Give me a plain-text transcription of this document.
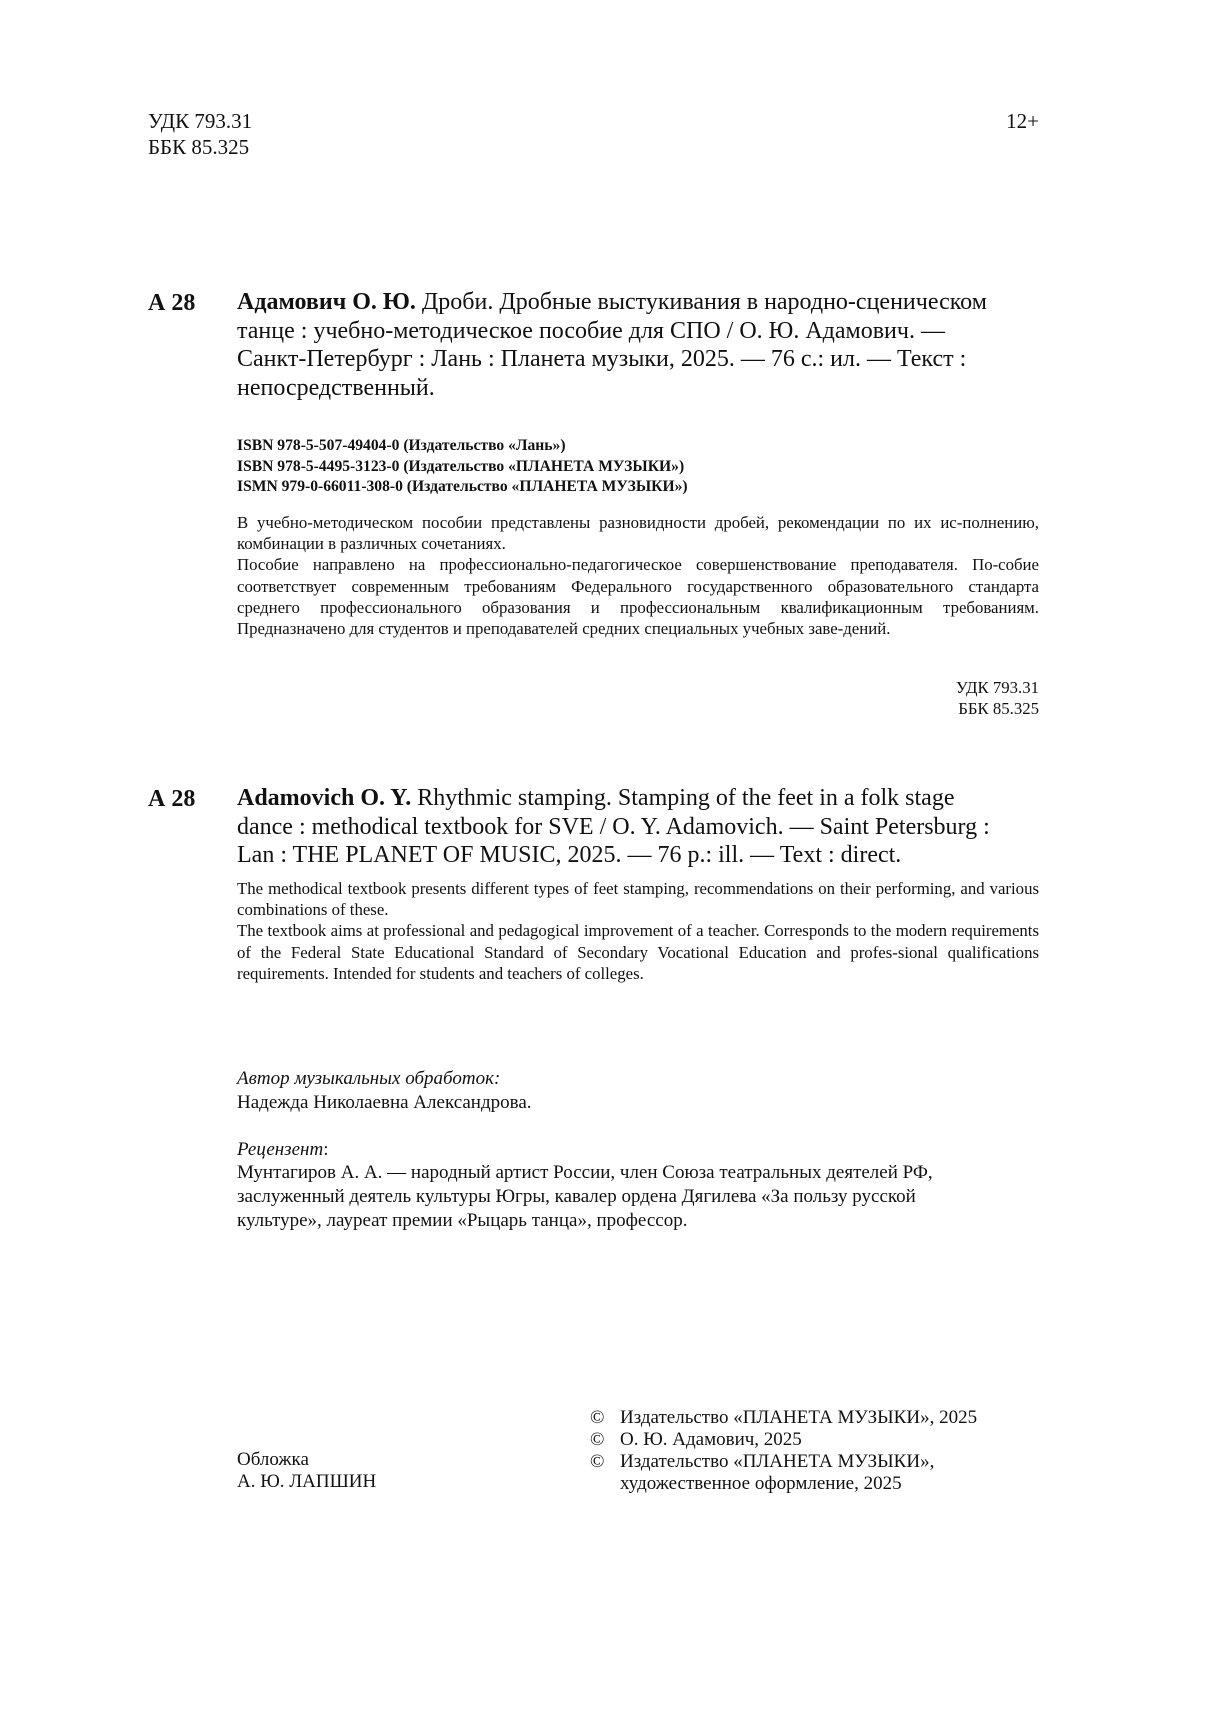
УДК 793.31
ББК 85.325
12+
А 28 Адамович О. Ю. Дроби. Дробные выстукивания в народно-сценическом
танце : учебно-методическое пособие для СПО / О. Ю. Адамович. —
Санкт-Петербург : Лань : Планета музыки, 2025. — 76 с.: ил. — Текст :
непосредственный.
ISBN 978-5-507-49404-0 (Издательство «Лань»)
ISBN 978-5-4495-3123-0 (Издательство «ПЛАНЕТА МУЗЫКИ»)
ISMN 979-0-66011-308-0 (Издательство «ПЛАНЕТА МУЗЫКИ»)

В учебно-методическом пособии представлены разновидности дробей, рекомендации по их ис-полнению, комбинации в различных сочетаниях.

Пособие направлено на профессионально-педагогическое совершенствование преподавателя. По-собие соответствует современным требованиям Федерального государственного образовательного стандарта среднего профессионального образования и профессиональным квалификационным требованиям. Предназначено для студентов и преподавателей средних специальных учебных заве-дений.

УДК 793.31
ББК 85.325
А 28 Adamovich O. Y. Rhythmic stamping. Stamping of the feet in a folk stage
dance : methodical textbook for SVE / O. Y. Adamovich. — Saint Petersburg :
Lan : THE PLANET OF MUSIC, 2025. — 76 p.: ill. — Text : direct.

The methodical textbook presents different types of feet stamping, recommendations on their performing, and various combinations of these.

The textbook aims at professional and pedagogical improvement of a teacher. Corresponds to the modern requirements of the Federal State Educational Standard of Secondary Vocational Education and profes-sional qualifications requirements. Intended for students and teachers of colleges.

Автор музыкальных обработок:
Надежда Николаевна Александрова.
Рецензент:
Мунтагиров А. А. — народный артист России, член Союза театральных деятелей РФ,
заслуженный деятель культуры Югры, кавалер ордена Дягилева «За пользу русской
культуре», лауреат премии «Рыцарь танца», профессор.
Обложка
А. Ю. ЛАПШИН
© Издательство «ПЛАНЕТА МУЗЫКИ», 2025
© О. Ю. Адамович, 2025
© Издательство «ПЛАНЕТА МУЗЫКИ»,
художественное оформление, 2025
